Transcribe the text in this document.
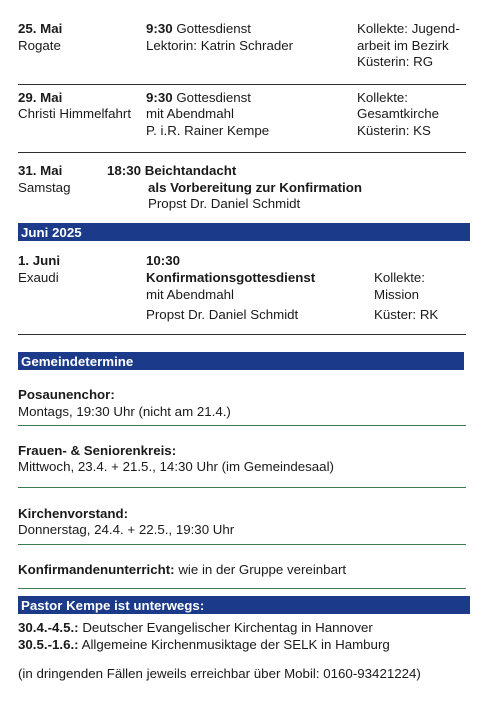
25. Mai
Rogate
9:30 Gottesdienst
Lektorin: Katrin Schrader
Kollekte: Jugend-
arbeit im Bezirk
Küsterin: RG
29. Mai
Christi Himmelfahrt
9:30 Gottesdienst
mit Abendmahl
P. i.R. Rainer Kempe
Kollekte:
Gesamtkirche
Küsterin: KS
31. Mai
Samstag
18:30 Beichtandacht
als Vorbereitung zur Konfirmation
Propst Dr. Daniel Schmidt
Juni 2025
1. Juni
Exaudi
10:30
Konfirmationsgottesdienst
mit Abendmahl
Propst Dr. Daniel Schmidt
Kollekte:
Mission
Küster: RK
Gemeindetermine
Posaunenchor:
Montags, 19:30 Uhr (nicht am 21.4.)
Frauen- & Seniorenkreis:
Mittwoch, 23.4. + 21.5., 14:30 Uhr (im Gemeindesaal)
Kirchenvorstand:
Donnerstag, 24.4. + 22.5., 19:30 Uhr
Konfirmandenunterricht: wie in der Gruppe vereinbart
Pastor Kempe ist unterwegs:
30.4.-4.5.: Deutscher Evangelischer Kirchentag in Hannover
30.5.-1.6.: Allgemeine Kirchenmusiktage der SELK in Hamburg
(in dringenden Fällen jeweils erreichbar über Mobil: 0160-93421224)
